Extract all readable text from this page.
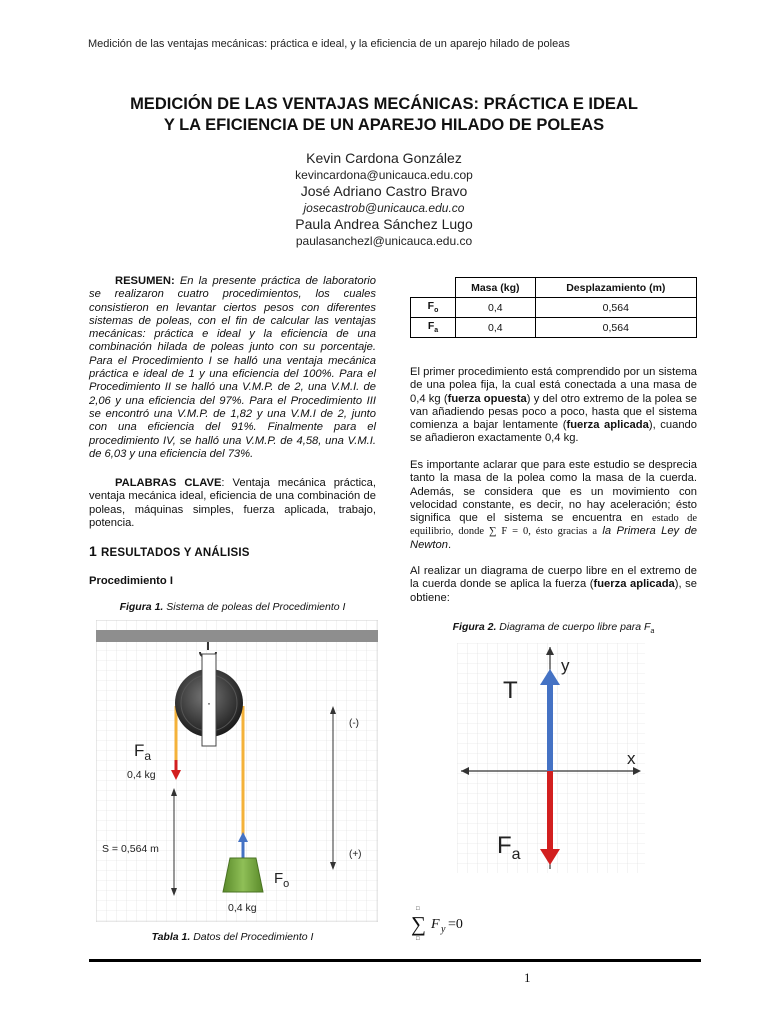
Medición de las ventajas mecánicas: práctica e ideal, y la eficiencia de un aparejo hilado de poleas
MEDICIÓN DE LAS VENTAJAS MECÁNICAS: PRÁCTICA E IDEAL
Y LA EFICIENCIA DE UN APAREJO HILADO DE POLEAS
Kevin Cardona González
kevincardona@unicauca.edu.cop
José Adriano Castro Bravo
josecastrob@unicauca.edu.co
Paula Andrea Sánchez Lugo
paulasanchezl@unicauca.edu.co

RESUMEN: En la presente práctica de laboratorio se realizaron cuatro procedimientos, los cuales consistieron en levantar ciertos pesos con diferentes sistemas de poleas, con el fin de calcular las ventajas mecánicas: práctica e ideal y la eficiencia de una combinación hilada de poleas junto con su porcentaje. Para el Procedimiento I se halló una ventaja mecánica práctica e ideal de 1 y una eficiencia del 100%. Para el Procedimiento II se halló una V.M.P. de 2, una V.M.I. de 2,06 y una eficiencia del 97%. Para el Procedimiento III se encontró una V.M.P. de 1,82 y una V.M.I de 2, junto con una eficiencia del 91%. Finalmente para el procedimiento IV, se halló una V.M.P. de 4,58, una V.M.I. de 6,03 y una eficiencia del 73%.

PALABRAS CLAVE: Ventaja mecánica práctica, ventaja mecánica ideal, eficiencia de una combinación de poleas, máquinas simples, fuerza aplicada, trabajo, potencia.

1 RESULTADOS Y ANÁLISIS
Procedimiento I
Figura 1. Sistema de poleas del Procedimiento I
·
$F_a$
0,4 kg
S = 0,564 m
$F_o$
0,4 kg
(-)
(+)
Tabla 1. Datos del Procedimiento I
	Masa (kg)	Desplazamiento (m)
$F_o$	0,4	0,564
$F_a$	0,4	0,564

El primer procedimiento está comprendido por un sistema de una polea fija, la cual está conectada a una masa de 0,4 kg (fuerza opuesta) y del otro extremo de la polea se van añadiendo pesas poco a poco, hasta que el sistema comienza a bajar lentamente (fuerza aplicada), cuando se añadieron exactamente 0,4 kg.

Es importante aclarar que para este estudio se desprecia tanto la masa de la polea como la masa de la cuerda. Además, se considera que es un movimiento con velocidad constante, es decir, no hay aceleración; ésto significa que el sistema se encuentra en estado de equilibrio, donde ∑ F = 0, ésto gracias a la Primera Ley de Newton.

Al realizar un diagrama de cuerpo libre en el extremo de la cuerda donde se aplica la fuerza (fuerza aplicada), se obtiene:

Figura 2. Diagrama de cuerpo libre para $F_a$
y
x
T
$F_a$
□
∑
□
F y =0
1
